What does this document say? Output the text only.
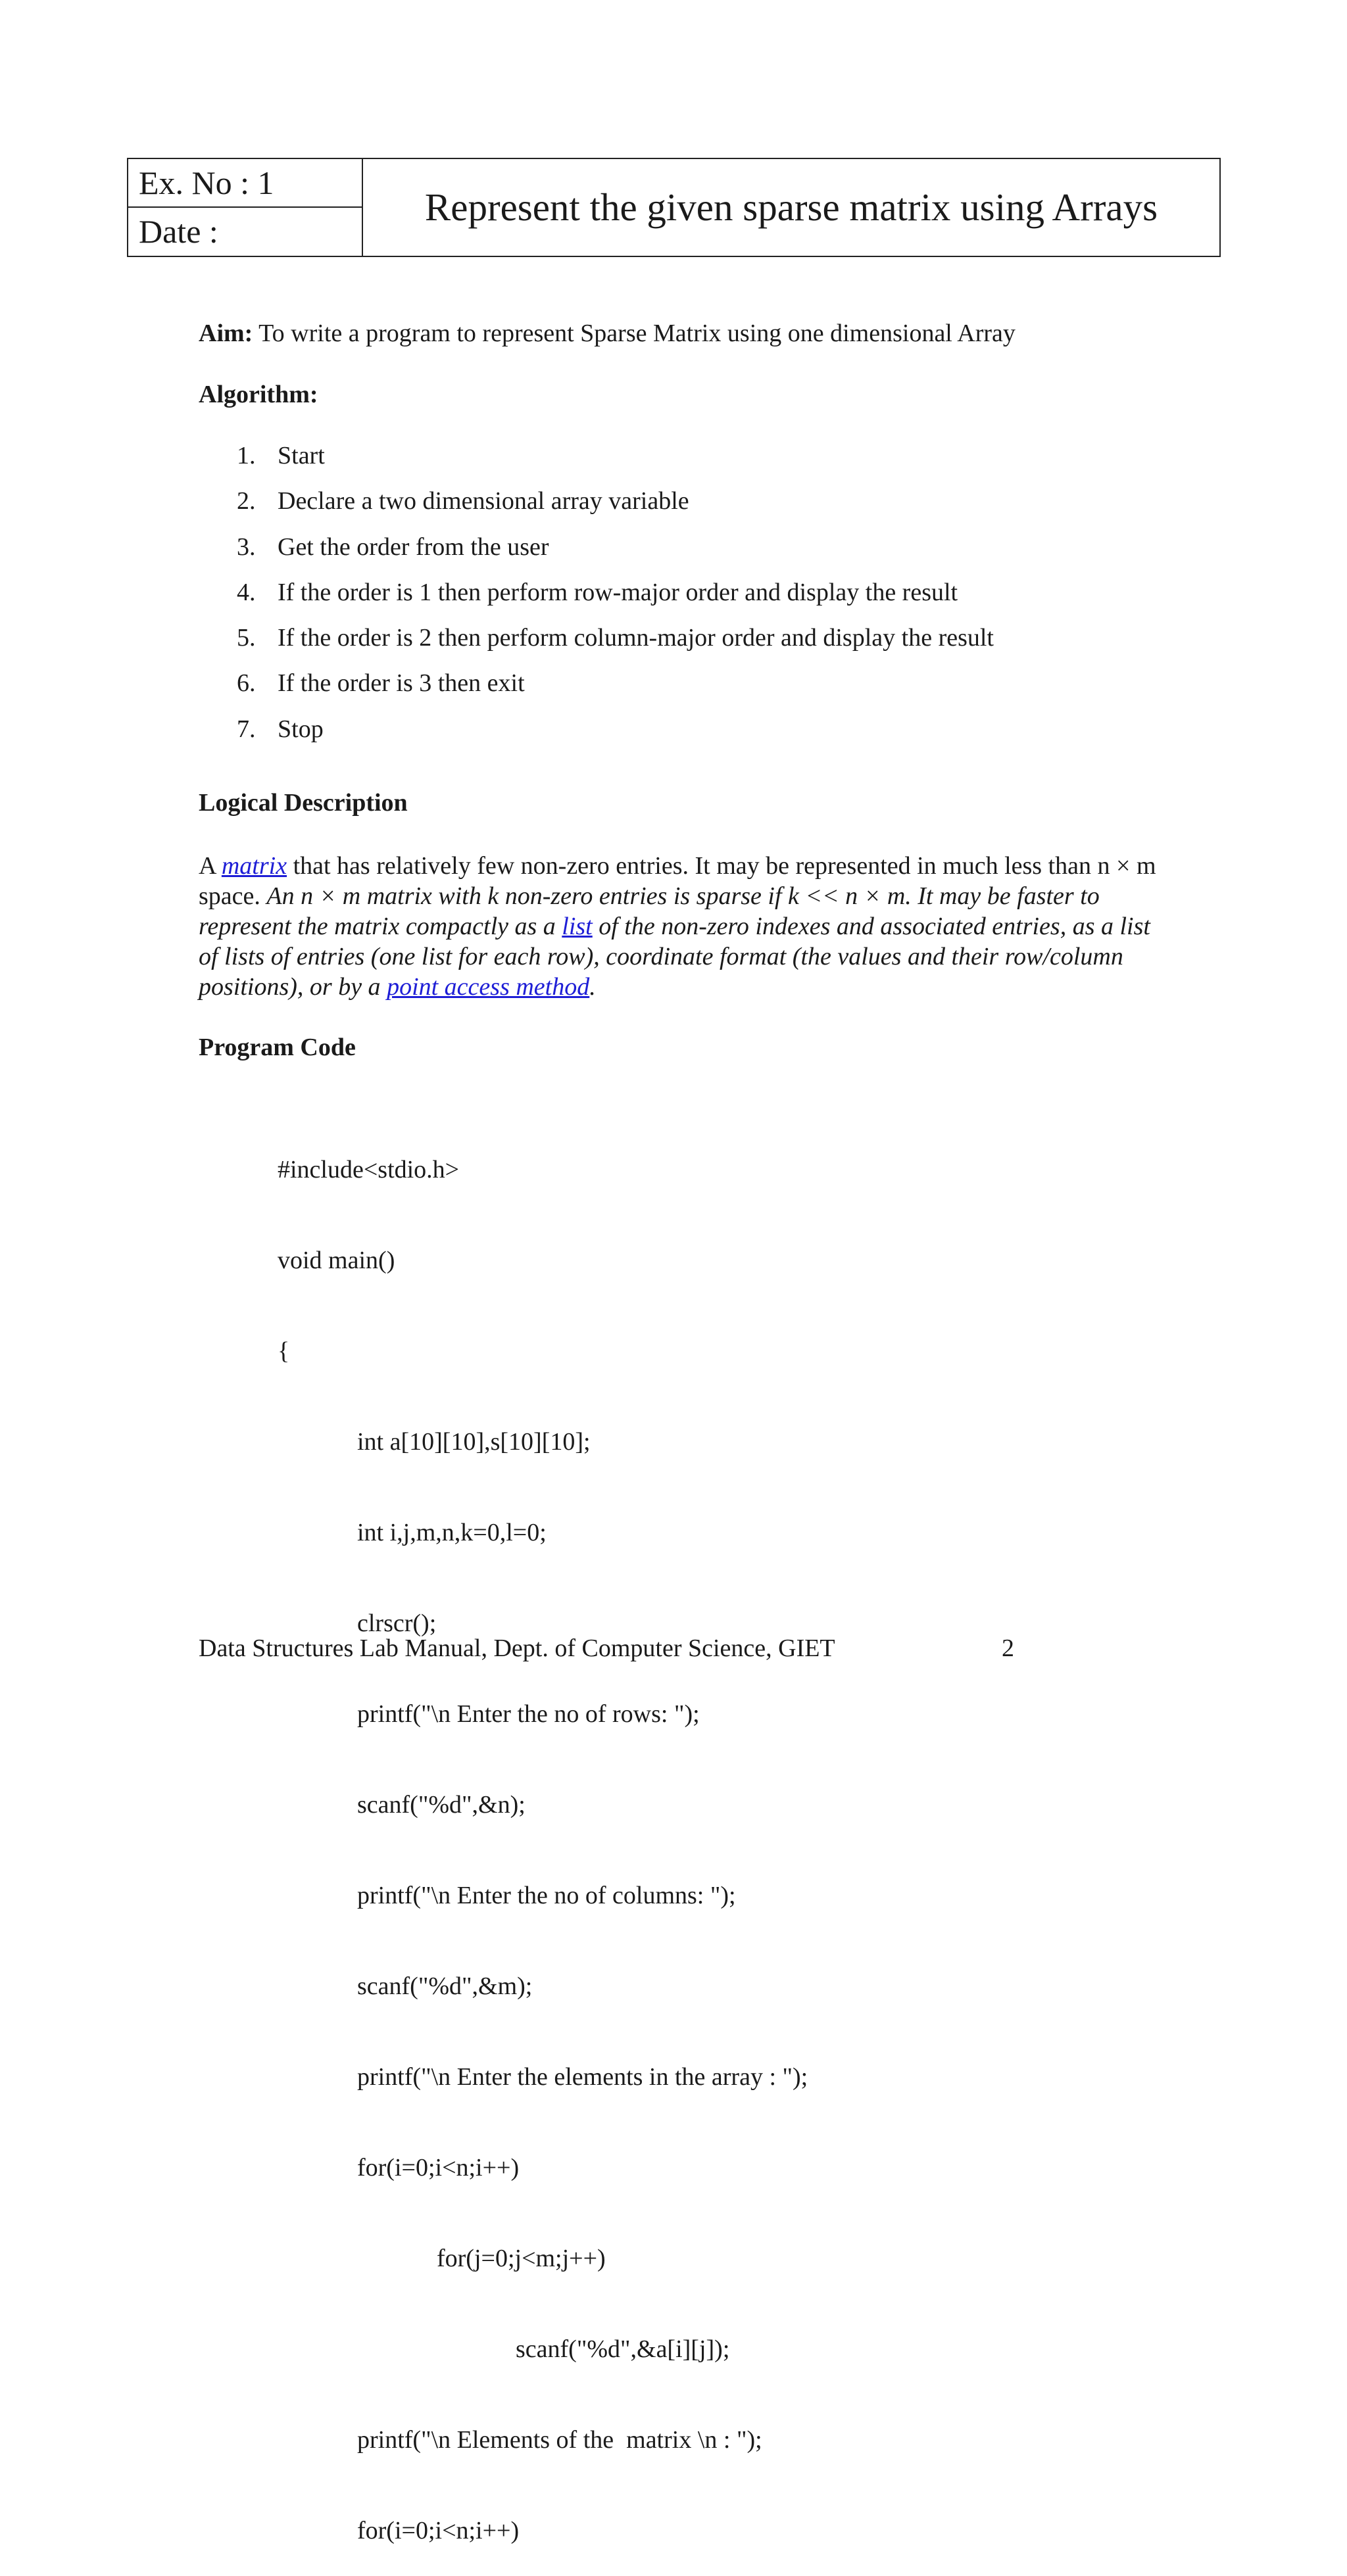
Ex. No : 1
Date :
Represent the given sparse matrix using Arrays
Aim: To write a program to represent Sparse Matrix using one dimensional Array
Algorithm:
1. Start
2. Declare a two dimensional array variable
3. Get the order from the user
4. If the order is 1 then perform row-major order and display the result
5. If the order is 2 then perform column-major order and display the result
6. If the order is 3 then exit
7. Stop
Logical Description
A matrix that has relatively few non-zero entries. It may be represented in much less than n × m space. An n × m matrix with k non-zero entries is sparse if k << n × m. It may be faster to represent the matrix compactly as a list of the non-zero indexes and associated entries, as a list of lists of entries (one list for each row), coordinate format (the values and their row/column positions), or by a point access method.
Program Code

#include<stdio.h>

void main()

{

int a[10][10],s[10][10];

int i,j,m,n,k=0,l=0;

clrscr();

printf("\n Enter the no of rows: ");

scanf("%d",&n);

printf("\n Enter the no of columns: ");

scanf("%d",&m);

printf("\n Enter the elements in the array : ");

for(i=0;i<n;i++)

for(j=0;j<m;j++)

scanf("%d",&a[i][j]);

printf("\n Elements of the  matrix \n : ");

for(i=0;i<n;i++)

Data Structures Lab Manual, Dept. of Computer Science, GIET	2
